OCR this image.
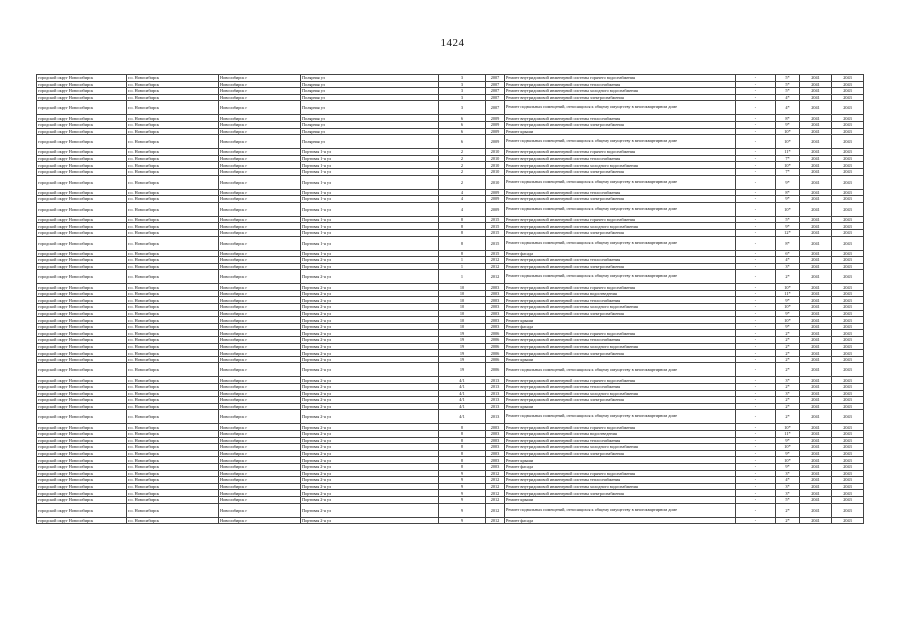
1424
городской округ Новосибирск	г.о. Новосибирск	Новосибирск г	Полярная ул	3	2007	Ремонт внутридомовой инженерной системы горячего водоснабжения	-	5*	2041	2043
городской округ Новосибирск	г.о. Новосибирск	Новосибирск г	Полярная ул	3	2007	Ремонт внутридомовой инженерной системы теплоснабжения	-	5*	2041	2043
городской округ Новосибирск	г.о. Новосибирск	Новосибирск г	Полярная ул	3	2007	Ремонт внутридомовой инженерной системы холодного водоснабжения	-	5*	2041	2043
городской округ Новосибирск	г.о. Новосибирск	Новосибирск г	Полярная ул	3	2007	Ремонт внутридомовой инженерной системы электроснабжения	-	4*	2041	2043
городской округ Новосибирск	г.о. Новосибирск	Новосибирск г	Полярная ул	3	2007	Ремонт подвальных помещений, относящихся к общему имуществу в многоквартирном доме	-	4*	2041	2043
городской округ Новосибирск	г.о. Новосибирск	Новосибирск г	Полярная ул	6	2009	Ремонт внутридомовой инженерной системы теплоснабжения	-	8*	2041	2043
городской округ Новосибирск	г.о. Новосибирск	Новосибирск г	Полярная ул	6	2009	Ремонт внутридомовой инженерной системы электроснабжения	-	9*	2041	2043
городской округ Новосибирск	г.о. Новосибирск	Новосибирск г	Полярная ул	6	2009	Ремонт крыши	-	10*	2041	2043
городской округ Новосибирск	г.о. Новосибирск	Новосибирск г	Полярная ул	6	2009	Ремонт подвальных помещений, относящихся к общему имуществу в многоквартирном доме	-	10*	2041	2043
городской округ Новосибирск	г.о. Новосибирск	Новосибирск г	Портовая 1-я ул	2	2010	Ремонт внутридомовой инженерной системы горячего водоснабжения	-	11*	2041	2043
городской округ Новосибирск	г.о. Новосибирск	Новосибирск г	Портовая 1-я ул	2	2010	Ремонт внутридомовой инженерной системы теплоснабжения	-	7*	2041	2043
городской округ Новосибирск	г.о. Новосибирск	Новосибирск г	Портовая 1-я ул	2	2010	Ремонт внутридомовой инженерной системы холодного водоснабжения	-	10*	2041	2043
городской округ Новосибирск	г.о. Новосибирск	Новосибирск г	Портовая 1-я ул	2	2010	Ремонт внутридомовой инженерной системы электроснабжения	-	7*	2041	2043
городской округ Новосибирск	г.о. Новосибирск	Новосибирск г	Портовая 1-я ул	2	2010	Ремонт подвальных помещений, относящихся к общему имуществу в многоквартирном доме	-	9*	2041	2043
городской округ Новосибирск	г.о. Новосибирск	Новосибирск г	Портовая 1-я ул	4	2009	Ремонт внутридомовой инженерной системы теплоснабжения	-	8*	2041	2043
городской округ Новосибирск	г.о. Новосибирск	Новосибирск г	Портовая 1-я ул	4	2009	Ремонт внутридомовой инженерной системы электроснабжения	-	9*	2041	2043
городской округ Новосибирск	г.о. Новосибирск	Новосибирск г	Портовая 1-я ул	4	2009	Ремонт подвальных помещений, относящихся к общему имуществу в многоквартирном доме	-	10*	2041	2043
городской округ Новосибирск	г.о. Новосибирск	Новосибирск г	Портовая 1-я ул	8	2015	Ремонт внутридомовой инженерной системы горячего водоснабжения	-	5*	2041	2043
городской округ Новосибирск	г.о. Новосибирск	Новосибирск г	Портовая 1-я ул	8	2015	Ремонт внутридомовой инженерной системы холодного водоснабжения	-	9*	2041	2043
городской округ Новосибирск	г.о. Новосибирск	Новосибирск г	Портовая 1-я ул	8	2015	Ремонт внутридомовой инженерной системы электроснабжения	-	12*	2041	2043
городской округ Новосибирск	г.о. Новосибирск	Новосибирск г	Портовая 1-я ул	8	2015	Ремонт подвальных помещений, относящихся к общему имуществу в многоквартирном доме	-	8*	2041	2043
городской округ Новосибирск	г.о. Новосибирск	Новосибирск г	Портовая 1-я ул	8	2015	Ремонт фасада	-	6*	2041	2043
городской округ Новосибирск	г.о. Новосибирск	Новосибирск г	Портовая 2-я ул	1	2012	Ремонт внутридомовой инженерной системы теплоснабжения	-	4*	2041	2043
городской округ Новосибирск	г.о. Новосибирск	Новосибирск г	Портовая 2-я ул	1	2012	Ремонт внутридомовой инженерной системы электроснабжения	-	3*	2041	2043
городской округ Новосибирск	г.о. Новосибирск	Новосибирск г	Портовая 2-я ул	1	2012	Ремонт подвальных помещений, относящихся к общему имуществу в многоквартирном доме	-	2*	2041	2043
городской округ Новосибирск	г.о. Новосибирск	Новосибирск г	Портовая 2-я ул	10	2003	Ремонт внутридомовой инженерной системы горячего водоснабжения	-	10*	2041	2043
городской округ Новосибирск	г.о. Новосибирск	Новосибирск г	Портовая 2-я ул	10	2003	Ремонт внутридомовой инженерной системы водоотведения	-	11*	2041	2043
городской округ Новосибирск	г.о. Новосибирск	Новосибирск г	Портовая 2-я ул	10	2003	Ремонт внутридомовой инженерной системы теплоснабжения	-	9*	2041	2043
городской округ Новосибирск	г.о. Новосибирск	Новосибирск г	Портовая 2-я ул	10	2003	Ремонт внутридомовой инженерной системы холодного водоснабжения	-	10*	2041	2043
городской округ Новосибирск	г.о. Новосибирск	Новосибирск г	Портовая 2-я ул	10	2003	Ремонт внутридомовой инженерной системы электроснабжения	-	9*	2041	2043
городской округ Новосибирск	г.о. Новосибирск	Новосибирск г	Портовая 2-я ул	10	2003	Ремонт крыши	-	10*	2041	2043
городской округ Новосибирск	г.о. Новосибирск	Новосибирск г	Портовая 2-я ул	10	2003	Ремонт фасада	-	9*	2041	2043
городской округ Новосибирск	г.о. Новосибирск	Новосибирск г	Портовая 2-я ул	19	2006	Ремонт внутридомовой инженерной системы горячего водоснабжения	-	2*	2041	2043
городской округ Новосибирск	г.о. Новосибирск	Новосибирск г	Портовая 2-я ул	19	2006	Ремонт внутридомовой инженерной системы теплоснабжения	-	2*	2041	2043
городской округ Новосибирск	г.о. Новосибирск	Новосибирск г	Портовая 2-я ул	19	2006	Ремонт внутридомовой инженерной системы холодного водоснабжения	-	2*	2041	2043
городской округ Новосибирск	г.о. Новосибирск	Новосибирск г	Портовая 2-я ул	19	2006	Ремонт внутридомовой инженерной системы электроснабжения	-	2*	2041	2043
городской округ Новосибирск	г.о. Новосибирск	Новосибирск г	Портовая 2-я ул	19	2006	Ремонт крыши	-	2*	2041	2043
городской округ Новосибирск	г.о. Новосибирск	Новосибирск г	Портовая 2-я ул	19	2006	Ремонт подвальных помещений, относящихся к общему имуществу в многоквартирном доме	-	2*	2041	2043
городской округ Новосибирск	г.о. Новосибирск	Новосибирск г	Портовая 2-я ул	4/1	2013	Ремонт внутридомовой инженерной системы горячего водоснабжения	-	3*	2041	2043
городской округ Новосибирск	г.о. Новосибирск	Новосибирск г	Портовая 2-я ул	4/1	2013	Ремонт внутридомовой инженерной системы теплоснабжения	-	2*	2041	2043
городской округ Новосибирск	г.о. Новосибирск	Новосибирск г	Портовая 2-я ул	4/1	2013	Ремонт внутридомовой инженерной системы холодного водоснабжения	-	3*	2041	2043
городской округ Новосибирск	г.о. Новосибирск	Новосибирск г	Портовая 2-я ул	4/1	2013	Ремонт внутридомовой инженерной системы электроснабжения	-	2*	2041	2043
городской округ Новосибирск	г.о. Новосибирск	Новосибирск г	Портовая 2-я ул	4/1	2013	Ремонт крыши	-	2*	2041	2043
городской округ Новосибирск	г.о. Новосибирск	Новосибирск г	Портовая 2-я ул	4/1	2013	Ремонт подвальных помещений, относящихся к общему имуществу в многоквартирном доме	-	2*	2041	2043
городской округ Новосибирск	г.о. Новосибирск	Новосибирск г	Портовая 2-я ул	8	2003	Ремонт внутридомовой инженерной системы горячего водоснабжения	-	10*	2041	2043
городской округ Новосибирск	г.о. Новосибирск	Новосибирск г	Портовая 2-я ул	8	2003	Ремонт внутридомовой инженерной системы водоотведения	-	11*	2041	2043
городской округ Новосибирск	г.о. Новосибирск	Новосибирск г	Портовая 2-я ул	8	2003	Ремонт внутридомовой инженерной системы теплоснабжения	-	9*	2041	2043
городской округ Новосибирск	г.о. Новосибирск	Новосибирск г	Портовая 2-я ул	8	2003	Ремонт внутридомовой инженерной системы холодного водоснабжения	-	10*	2041	2043
городской округ Новосибирск	г.о. Новосибирск	Новосибирск г	Портовая 2-я ул	8	2003	Ремонт внутридомовой инженерной системы электроснабжения	-	9*	2041	2043
городской округ Новосибирск	г.о. Новосибирск	Новосибирск г	Портовая 2-я ул	8	2003	Ремонт крыши	-	10*	2041	2043
городской округ Новосибирск	г.о. Новосибирск	Новосибирск г	Портовая 2-я ул	8	2003	Ремонт фасада	-	9*	2041	2043
городской округ Новосибирск	г.о. Новосибирск	Новосибирск г	Портовая 2-я ул	9	2012	Ремонт внутридомовой инженерной системы горячего водоснабжения	-	3*	2041	2043
городской округ Новосибирск	г.о. Новосибирск	Новосибирск г	Портовая 2-я ул	9	2012	Ремонт внутридомовой инженерной системы теплоснабжения	-	4*	2041	2043
городской округ Новосибирск	г.о. Новосибирск	Новосибирск г	Портовая 2-я ул	9	2012	Ремонт внутридомовой инженерной системы холодного водоснабжения	-	3*	2041	2043
городской округ Новосибирск	г.о. Новосибирск	Новосибирск г	Портовая 2-я ул	9	2012	Ремонт внутридомовой инженерной системы электроснабжения	-	3*	2041	2043
городской округ Новосибирск	г.о. Новосибирск	Новосибирск г	Портовая 2-я ул	9	2012	Ремонт крыши	-	5*	2041	2043
городской округ Новосибирск	г.о. Новосибирск	Новосибирск г	Портовая 2-я ул	9	2012	Ремонт подвальных помещений, относящихся к общему имуществу в многоквартирном доме	-	2*	2041	2043
городской округ Новосибирск	г.о. Новосибирск	Новосибирск г	Портовая 2-я ул	9	2012	Ремонт фасада	-	2*	2041	2043
